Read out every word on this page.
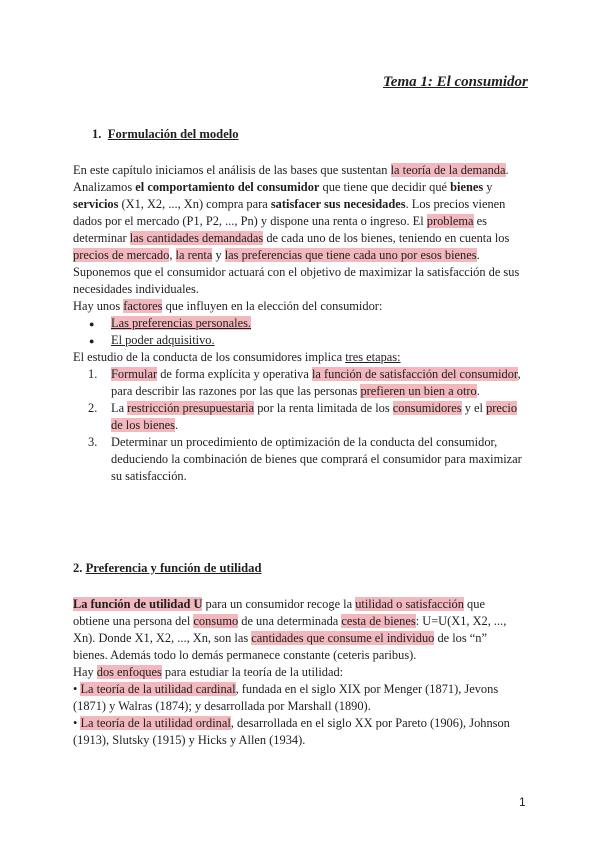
Tema 1: El consumidor
1. Formulación del modelo

En este capítulo iniciamos el análisis de las bases que sustentan la teoría de la demanda.

Analizamos el comportamiento del consumidor que tiene que decidir qué bienes y servicios (X1, X2, ..., Xn) compra para satisfacer sus necesidades. Los precios vienen dados por el mercado (P1, P2, ..., Pn) y dispone una renta o ingreso. El problema es determinar las cantidades demandadas de cada uno de los bienes, teniendo en cuenta los precios de mercado, la renta y las preferencias que tiene cada uno por esos bienes.

Suponemos que el consumidor actuará con el objetivo de maximizar la satisfacción de sus necesidades individuales.

Hay unos factores que influyen en la elección del consumidor:

● Las preferencias personales.
● El poder adquisitivo.

El estudio de la conducta de los consumidores implica tres etapas:

1. Formular de forma explícita y operativa la función de satisfacción del consumidor, para describir las razones por las que las personas prefieren un bien a otro.
2. La restricción presupuestaria por la renta limitada de los consumidores y el precio de los bienes.
3. Determinar un procedimiento de optimización de la conducta del consumidor, deduciendo la combinación de bienes que comprará el consumidor para maximizar su satisfacción.
2. Preferencia y función de utilidad

La función de utilidad U para un consumidor recoge la utilidad o satisfacción que obtiene una persona del consumo de una determinada cesta de bienes: U=U(X1, X2, ..., Xn). Donde X1, X2, ..., Xn, son las cantidades que consume el individuo de los “n” bienes. Además todo lo demás permanece constante (ceteris paribus).

Hay dos enfoques para estudiar la teoría de la utilidad:

• La teoría de la utilidad cardinal, fundada en el siglo XIX por Menger (1871), Jevons (1871) y Walras (1874); y desarrollada por Marshall (1890).

• La teoría de la utilidad ordinal, desarrollada en el siglo XX por Pareto (1906), Johnson (1913), Slutsky (1915) y Hicks y Allen (1934).

1
